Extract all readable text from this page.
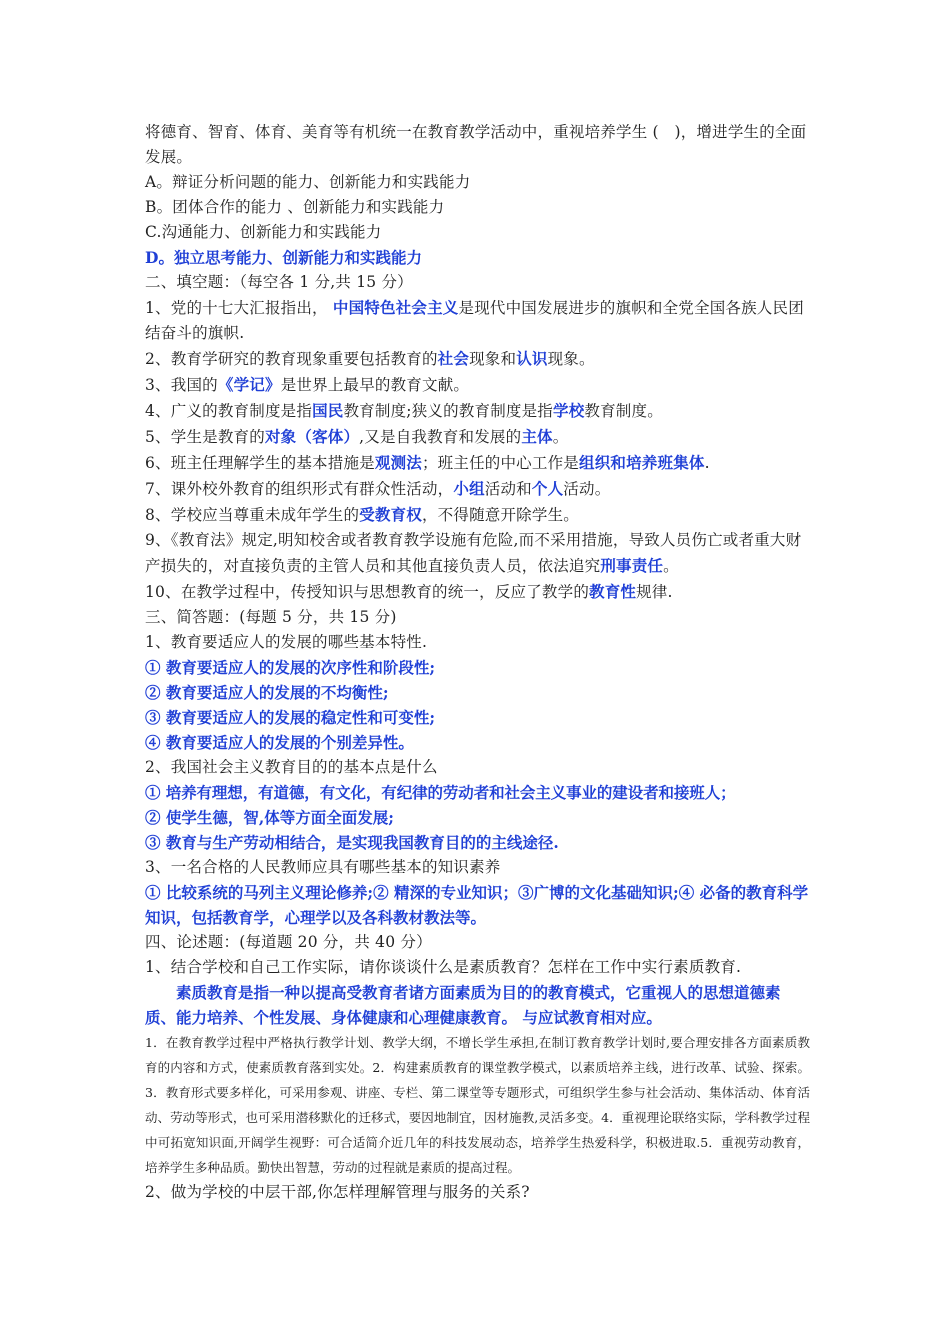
将德育、智育、体育、美育等有机统一在教育教学活动中，重视培养学生 (　)，增进学生的全面发展。
A。辩证分析问题的能力、创新能力和实践能力
B。团体合作的能力 、创新能力和实践能力
C.沟通能力、创新能力和实践能力
D。独立思考能力、创新能力和实践能力
二、填空题：（每空各 1 分,共 15 分）
1、党的十七大汇报指出， 中国特色社会主义是现代中国发展进步的旗帜和全党全国各族人民团结奋斗的旗帜.
2、教育学研究的教育现象重要包括教育的社会现象和认识现象。
3、我国的《学记》是世界上最早的教育文献。
4、广义的教育制度是指国民教育制度;狭义的教育制度是指学校教育制度。
5、学生是教育的对象（客体）,又是自我教育和发展的主体。
6、班主任理解学生的基本措施是观测法；班主任的中心工作是组织和培养班集体.
7、课外校外教育的组织形式有群众性活动，小组活动和个人活动。
8、学校应当尊重未成年学生的受教育权，不得随意开除学生。
9、《教育法》规定,明知校舍或者教育教学设施有危险,而不采用措施，导致人员伤亡或者重大财产损失的，对直接负责的主管人员和其他直接负责人员，依法追究刑事责任。
10、在教学过程中，传授知识与思想教育的统一，反应了教学的教育性规律.
三、简答题：(每题 5 分，共 15 分)
1、教育要适应人的发展的哪些基本特性.
① 教育要适应人的发展的次序性和阶段性;
② 教育要适应人的发展的不均衡性;
③ 教育要适应人的发展的稳定性和可变性;
④ 教育要适应人的发展的个别差异性。
2、我国社会主义教育目的的基本点是什么
① 培养有理想，有道德，有文化，有纪律的劳动者和社会主义事业的建设者和接班人；
② 使学生德，智,体等方面全面发展;
③ 教育与生产劳动相结合，是实现我国教育目的的主线途径.
3、一名合格的人民教师应具有哪些基本的知识素养
① 比较系统的马列主义理论修养;② 精深的专业知识；③广博的文化基础知识;④ 必备的教育科学知识，包括教育学，心理学以及各科教材教法等。
四、论述题：(每道题 20 分，共 40 分）
1、结合学校和自己工作实际，请你谈谈什么是素质教育？怎样在工作中实行素质教育.
素质教育是指一种以提高受教育者诸方面素质为目的的教育模式，它重视人的思想道德素质、能力培养、个性发展、身体健康和心理健康教育。 与应试教育相对应。
1．在教育教学过程中严格执行教学计划、教学大纲，不增长学生承担,在制订教育教学计划时,要合理安排各方面素质教育的内容和方式，使素质教育落到实处。2．构建素质教育的课堂教学模式，以素质培养主线，进行改革、试验、探索。3．教育形式要多样化，可采用参观、讲座、专栏、第二课堂等专题形式，可组织学生参与社会活动、集体活动、体育活动、劳动等形式，也可采用潜移默化的迁移式，要因地制宜，因材施教,灵活多变。4．重视理论联络实际，学科教学过程中可拓宽知识面,开阔学生视野：可合适简介近几年的科技发展动态，培养学生热爱科学，积极进取.5．重视劳动教育，培养学生多种品质。勤快出智慧，劳动的过程就是素质的提高过程。
2、做为学校的中层干部,你怎样理解管理与服务的关系?
